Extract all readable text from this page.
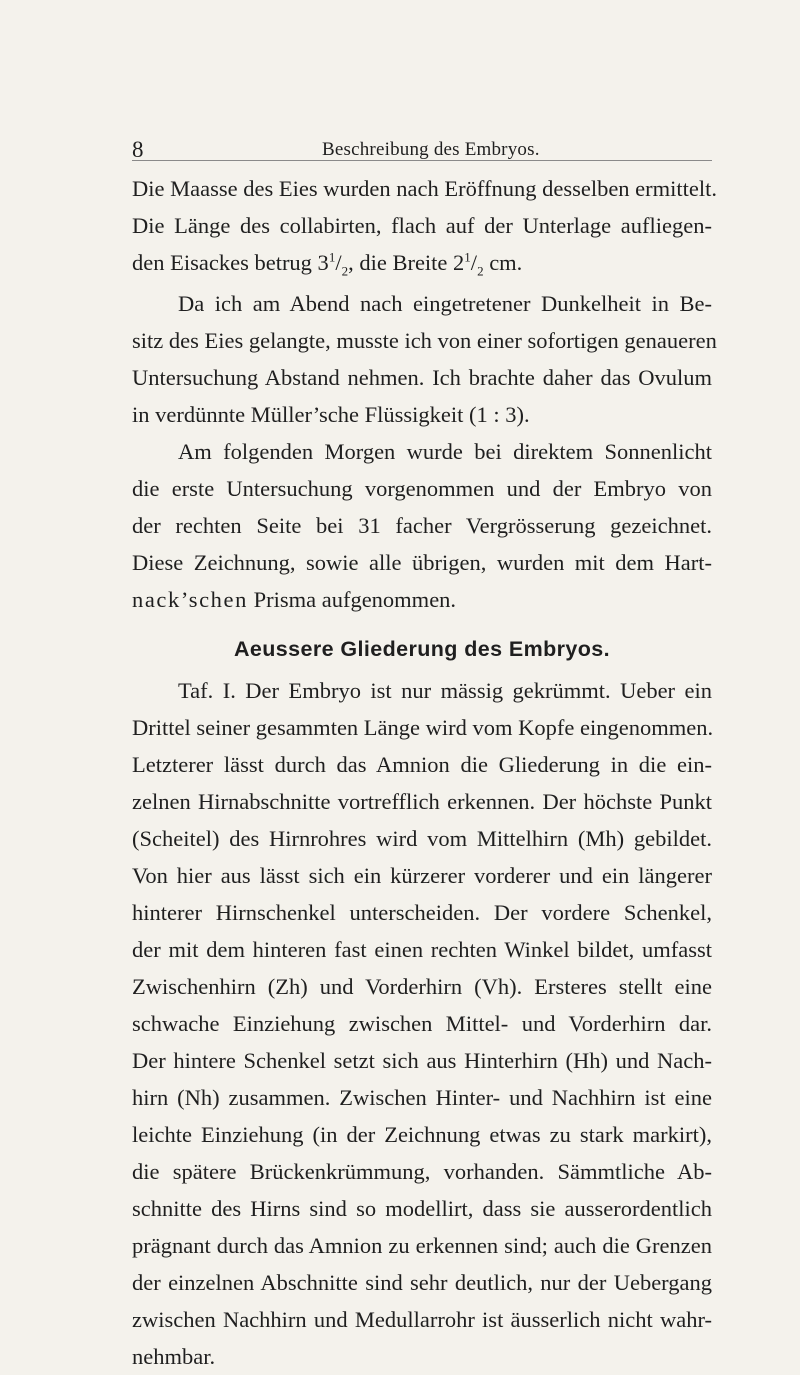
8	Beschreibung des Embryos.
Die Maasse des Eies wurden nach Eröffnung desselben ermittelt.
Die Länge des collabirten, flach auf der Unterlage aufliegen-
den Eisackes betrug $3^1/_2$, die Breite $2^1/_2$ cm.
Da ich am Abend nach eingetretener Dunkelheit in Be-
sitz des Eies gelangte, musste ich von einer sofortigen genaueren
Untersuchung Abstand nehmen. Ich brachte daher das Ovulum
in verdünnte Müller’sche Flüssigkeit (1 : 3).
Am folgenden Morgen wurde bei direktem Sonnenlicht
die erste Untersuchung vorgenommen und der Embryo von
der rechten Seite bei 31 facher Vergrösserung gezeichnet.
Diese Zeichnung, sowie alle übrigen, wurden mit dem Hart-
nack’schen Prisma aufgenommen.
Aeussere Gliederung des Embryos.
Taf. I. Der Embryo ist nur mässig gekrümmt. Ueber ein
Drittel seiner gesammten Länge wird vom Kopfe eingenommen.
Letzterer lässt durch das Amnion die Gliederung in die ein-
zelnen Hirnabschnitte vortrefflich erkennen. Der höchste Punkt
(Scheitel) des Hirnrohres wird vom Mittelhirn (Mh) gebildet.
Von hier aus lässt sich ein kürzerer vorderer und ein längerer
hinterer Hirnschenkel unterscheiden. Der vordere Schenkel,
der mit dem hinteren fast einen rechten Winkel bildet, umfasst
Zwischenhirn (Zh) und Vorderhirn (Vh). Ersteres stellt eine
schwache Einziehung zwischen Mittel- und Vorderhirn dar.
Der hintere Schenkel setzt sich aus Hinterhirn (Hh) und Nach-
hirn (Nh) zusammen. Zwischen Hinter- und Nachhirn ist eine
leichte Einziehung (in der Zeichnung etwas zu stark markirt),
die spätere Brückenkrümmung, vorhanden. Sämmtliche Ab-
schnitte des Hirns sind so modellirt, dass sie ausserordentlich
prägnant durch das Amnion zu erkennen sind; auch die Grenzen
der einzelnen Abschnitte sind sehr deutlich, nur der Uebergang
zwischen Nachhirn und Medullarrohr ist äusserlich nicht wahr-
nehmbar.
